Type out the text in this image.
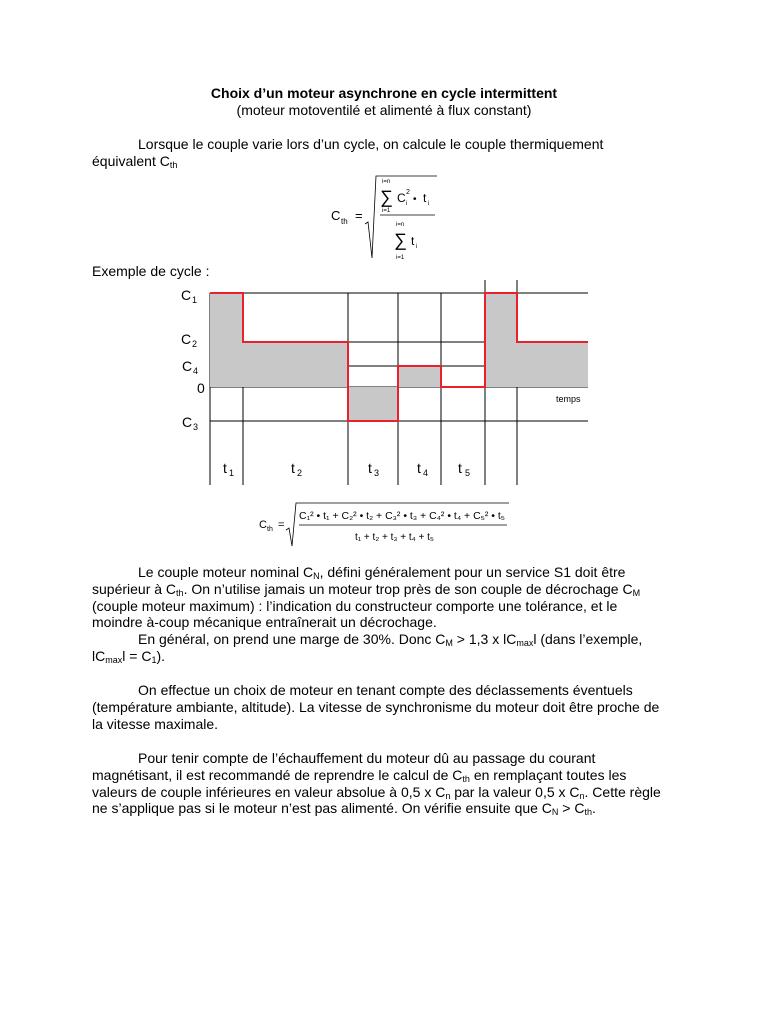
Choix d’un moteur asynchrone en cycle intermittent
(moteur motoventilé et alimenté à flux constant)
Lorsque le couple varie lors d’un cycle, on calcule le couple thermiquement équivalent $C_{th}$
C th =
i=n
∑
i=1
C 2
i • t i
i=n
∑
i=1
t i
Exemple de cycle :
C 1
C 2
C 4
0
C 3
temps
t 1	t 2	t 3	t 4 t 5
C th =
C₁² • t₁ + C₂² • t₂ + C₃² • t₃ + C₄² • t₄ + C₅² • t₅
t₁ + t₂ + t₃ + t₄ + t₅
Le couple moteur nominal $C_N$, défini généralement pour un service S1 doit être supérieur à $C_{th}$. On n’utilise jamais un moteur trop près de son couple de décrochage $C_M$ (couple moteur maximum) : l’indication du constructeur comporte une tolérance, et le moindre à-coup mécanique entraînerait un décrochage.
En général, on prend une marge de 30%. Donc $C_M > 1,3$ x $lC_{max}l$ (dans l’exemple, $lC_{max}l = C_1$).
On effectue un choix de moteur en tenant compte des déclassements éventuels (température ambiante, altitude). La vitesse de synchronisme du moteur doit être proche de la vitesse maximale.
Pour tenir compte de l’échauffement du moteur dû au passage du courant magnétisant, il est recommandé de reprendre le calcul de $C_{th}$ en remplaçant toutes les valeurs de couple inférieures en valeur absolue à 0,5 x $C_n$ par la valeur 0,5 x $C_n$. Cette règle ne s’applique pas si le moteur n’est pas alimenté. On vérifie ensuite que $C_N > C_{th}$.
